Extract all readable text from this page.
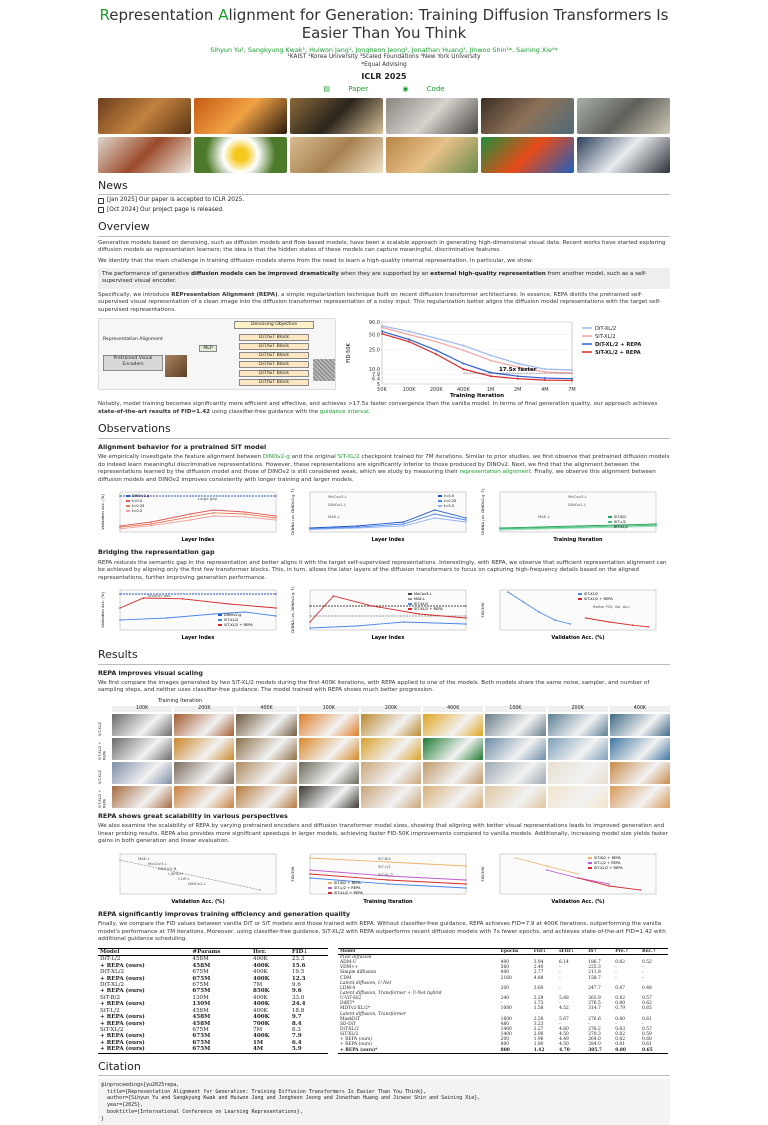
Representation Alignment for Generation: Training Diffusion Transformers Is Easier Than You Think
Sihyun Yu¹, Sangkyung Kwak¹, Huiwon Jang¹, Jongheon Jeong², Jonathan Huang³, Jinwoo Shin¹*, Saining Xie⁴*
¹KAIST ²Korea University ³Scaled Foundations ⁴New York University
*Equal Advising
ICLR 2025
▤	Paper	◉	Code
News
[Jan 2025] Our paper is accepted to ICLR 2025.
[Oct 2024] Our project page is released.
Overview

Generative models based on denoising, such as diffusion models and flow-based models, have been a scalable approach in generating high-dimensional visual data. Recent works have started exploring diffusion models as representation learners; the idea is that the hidden states of these models can capture meaningful, discriminative features.

We identify that the main challenge in training diffusion models stems from the need to learn a high-quality internal representation. In particular, we show:

The performance of generative diffusion models can be improved dramatically when they are supported by an external high-quality representation from another model, such as a self-supervised visual encoder.

Specifically, we introduce REPresentation Alignment (REPA), a simple regularization technique built on recent diffusion transformer architectures. In essence, REPA distills the pretrained self-supervised visual representation of a clean image into the diffusion transformer representation of a noisy input. This regularization better aligns the diffusion model representations with the target self-supervised representations.

Denoising Objective
DiT/SiT Block
DiT/SiT Block
DiT/SiT Block
DiT/SiT Block
DiT/SiT Block
DiT/SiT Block
Representation Alignment
MLP
Pretrained Visual Encoders
90.0
50.0
25.0
10.0
7.9
6.4
5
50K	100K	200K	400K	1M	2M	4M	7M
Training Iteration
FID-50K
DiT-XL/2
SiT-XL/2
DiT-XL/2 + REPA
SiT-XL/2 + REPA
17.5x faster

Notably, model training becomes significantly more efficient and effective, and achieves >17.5x faster convergence than the vanilla model. In terms of final generation quality, our approach achieves state-of-the-art results of FID=1.42 using classifier-free guidance with the guidance interval.

Observations
Alignment behavior for a pretrained SiT model

We empirically investigate the feature alignment between DINOv2-g and the original SiT-XL/2 checkpoint trained for 7M iterations. Similar to prior studies, we first observe that pretrained diffusion models do indeed learn meaningful discriminative representations. However, these representations are significantly inferior to those produced by DINOv2. Next, we find that the alignment between the representations learned by the diffusion model and those of DINOv2 is still considered weak, which we study by measuring their representation alignment. Finally, we observe this alignment between diffusion models and DINOv2 improves consistently with longer training and larger models.

Layer Index
Validation Acc. (%)	DINOv2-g
t=0.0
t=0.25
t=0.5
Large gap
Layer Index
CKNNA (vs. DINOv2-g ↑)	t=0.0
t=0.25
t=0.5
MoCov3-L
DINOv2-L
MAE-L
Training Iteration
CKNNA (vs. DINOv2-g ↑)	SiT-B/2
SiT-L/2
SiT-XL/2
MoCov3-L
DINOv2-L
MAE-L
Bridging the representation gap

REPA reduces the semantic gap in the representation and better aligns it with the target self-supervised representations. Interestingly, with REPA, we observe that sufficient representation alignment can be achieved by aligning only the first few transformer blocks. This, in turn, allows the later layers of the diffusion transformers to focus on capturing high-frequency details based on the aligned representations, further improving generation performance.

Layer Index
Validation Acc. (%)	DINOv2-g
SiT-XL/2
SiT-XL/2 + REPA
Smaller gap
Layer Index
CKNNA (vs. DINOv2-g ↑)	MoCov3-L
MAE-L
SiT-XL/2
SiT-XL/2 + REPA
Validation Acc. (%)
FID-50K
SiT-XL/2
SiT-XL/2 + REPA
Better FID, Val. Acc.
Results
REPA improves visual scaling

We first compare the images generated by two SiT-XL/2 models during the first 400K iterations, with REPA applied to one of the models. Both models share the same noise, sampler, and number of sampling steps, and neither uses classifier-free guidance. The model trained with REPA shows much better progression.

Training Iteration
SiT-XL/2
SiT-XL/2 + REPA
SiT-XL/2
SiT-XL/2 + REPA
100K	200K	400K	100K	200K	400K	100K	200K	400K
REPA shows great scalability in various perspectives

We also examine the scalability of REPA by varying pretrained encoders and diffusion transformer model sizes, showing that aligning with better visual representations leads to improved generation and linear probing results. REPA also provides more significant speedups in larger models, achieving faster FID-50K improvements compared to vanilla models. Additionally, increasing model size yields faster gains in both generation and linear evaluation.

Validation Acc. (%)
MAE-L
MoCov3-L
DINOv2-B
I-JEPA-H
CLIP-L
DINOv2-L
Training Iteration
FID-50K
SiT-B/2 + REPA
SiT-L/2 + REPA
SiT-XL/2 + REPA
SiT-B/2
SiT-L/2
SiT-XL/2
Validation Acc. (%)
FID-50K
SiT-B/2 + REPA
SiT-L/2 + REPA
SiT-XL/2 + REPA
REPA significantly improves training efficiency and generation quality

Finally, we compare the FID values between vanilla DiT or SiT models and those trained with REPA. Without classifier-free guidance, REPA achieves FID=7.9 at 400K iterations, outperforming the vanilla model's performance at 7M iterations. Moreover, using classifier-free guidance, SiT-XL/2 with REPA outperforms recent diffusion models with 7x fewer epochs, and achieves state-of-the-art FID=1.42 with additional guidance scheduling.

Model	#Params	Iter.	FID↓
DiT-L/2	458M	400K	23.3
+ REPA (ours)	458M	400K	15.6
DiT-XL/2	675M	400K	19.5
+ REPA (ours)	675M	400K	12.3
DiT-XL/2	675M	7M	9.6
+ REPA (ours)	675M	850K	9.6
SiT-B/2	130M	400K	33.0
+ REPA (ours)	130M	400K	24.4
SiT-L/2	458M	400K	18.8
+ REPA (ours)	458M	400K	9.7
+ REPA (ours)	458M	700K	8.4
SiT-XL/2	675M	7M	8.3
+ REPA (ours)	675M	400K	7.9
+ REPA (ours)	675M	1M	6.4
+ REPA (ours)	675M	4M	5.9
Model	Epochs	FID↓	sFID↓	IS↑	Pre.↑	Rec.↑
Pixel diffusion						
ADM-U	400	3.94	6.14	186.7	0.82	0.52
VDM++	560	2.40	-	225.3	-	-
Simple diffusion	800	2.77	-	211.8	-	-
CDM	2160	4.88	-	158.7	-	-
Latent diffusion, U-Net						
LDM-4	200	3.60	-	247.7	0.87	0.48
Latent diffusion, Transformer + U-Net hybrid						
U-ViT-H/2	240	2.29	5.68	263.9	0.82	0.57
DiffiT*	-	1.73	-	276.5	0.80	0.62
MDTv2-XL/2*	1080	1.58	4.52	314.7	0.79	0.65
Latent diffusion, Transformer						
MaskDiT	1600	2.28	5.67	276.6	0.80	0.61
SD-DiT	480	3.23	-	-	-	-
DiT-XL/2	1400	2.27	4.60	278.2	0.83	0.57
SiT-XL/2	1400	2.06	4.50	270.3	0.82	0.59
+ REPA (ours)	200	1.96	4.49	264.0	0.82	0.60
+ REPA (ours)	800	1.80	4.50	284.0	0.81	0.61
+ REPA (ours)*	800	1.42	4.70	305.7	0.80	0.65
Citation
@inproceedings{yu2025repa,
title={Representation Alignment for Generation: Training Diffusion Transformers Is Easier Than You Think},
author={Sihyun Yu and Sangkyung Kwak and Huiwon Jang and Jongheon Jeong and Jonathan Huang and Jinwoo Shin and Saining Xie},
year={2025},
booktitle={International Conference on Learning Representations},
}
